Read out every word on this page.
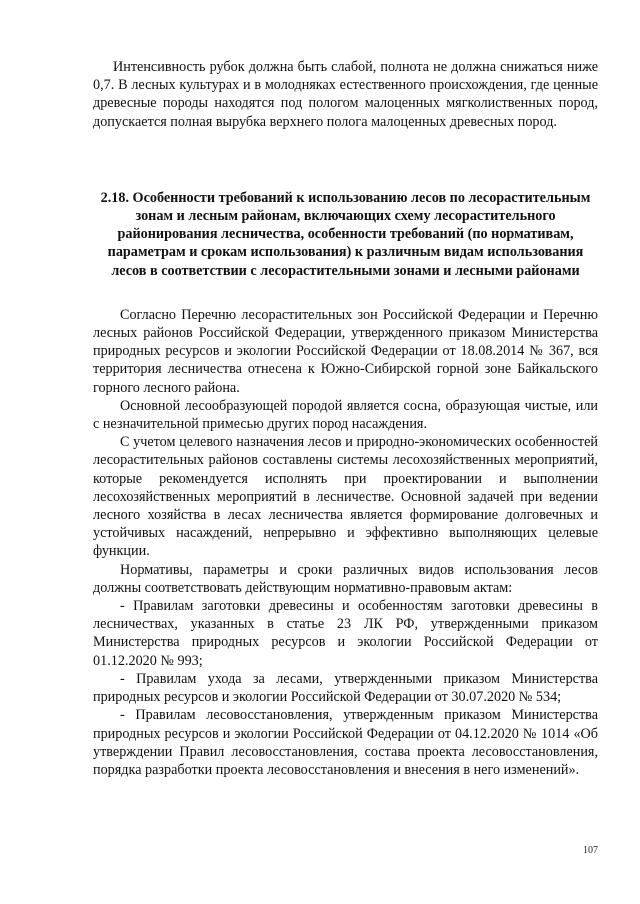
Интенсивность рубок должна быть слабой, полнота не должна снижаться ниже 0,7. В лесных культурах и в молодняках естественного происхождения, где ценные древесные породы находятся под пологом малоценных мягколиственных пород, допускается полная вырубка верхнего полога малоценных древесных пород.

2.18. Особенности требований к использованию лесов по лесорастительным зонам и лесным районам, включающих схему лесорастительного районирования лесничества, особенности требований (по нормативам, параметрам и срокам использования) к различным видам использования лесов в соответствии с лесорастительными зонами и лесными районами

Согласно Перечню лесорастительных зон Российской Федерации и Перечню лесных районов Российской Федерации, утвержденного приказом Министерства природных ресурсов и экологии Российской Федерации от 18.08.2014 № 367, вся территория лесничества отнесена к Южно-Сибирской горной зоне Байкальского горного лесного района.

Основной лесообразующей породой является сосна, образующая чистые, или с незначительной примесью других пород насаждения.

С учетом целевого назначения лесов и природно-экономических особенностей лесорастительных районов составлены системы лесохозяйственных мероприятий, которые рекомендуется исполнять при проектировании и выполнении лесохозяйственных мероприятий в лесничестве. Основной задачей при ведении лесного хозяйства в лесах лесничества является формирование долговечных и устойчивых насаждений, непрерывно и эффективно выполняющих целевые функции.

Нормативы, параметры и сроки различных видов использования лесов должны соответствовать действующим нормативно-правовым актам:

- Правилам заготовки древесины и особенностям заготовки древесины в лесничествах, указанных в статье 23 ЛК РФ, утвержденными приказом Министерства природных ресурсов и экологии Российской Федерации от 01.12.2020 № 993;

- Правилам ухода за лесами, утвержденными приказом Министерства природных ресурсов и экологии Российской Федерации от 30.07.2020 № 534;

- Правилам лесовосстановления, утвержденным приказом Министерства природных ресурсов и экологии Российской Федерации от 04.12.2020 № 1014 «Об утверждении Правил лесовосстановления, состава проекта лесовосстановления, порядка разработки проекта лесовосстановления и внесения в него изменений».

107
